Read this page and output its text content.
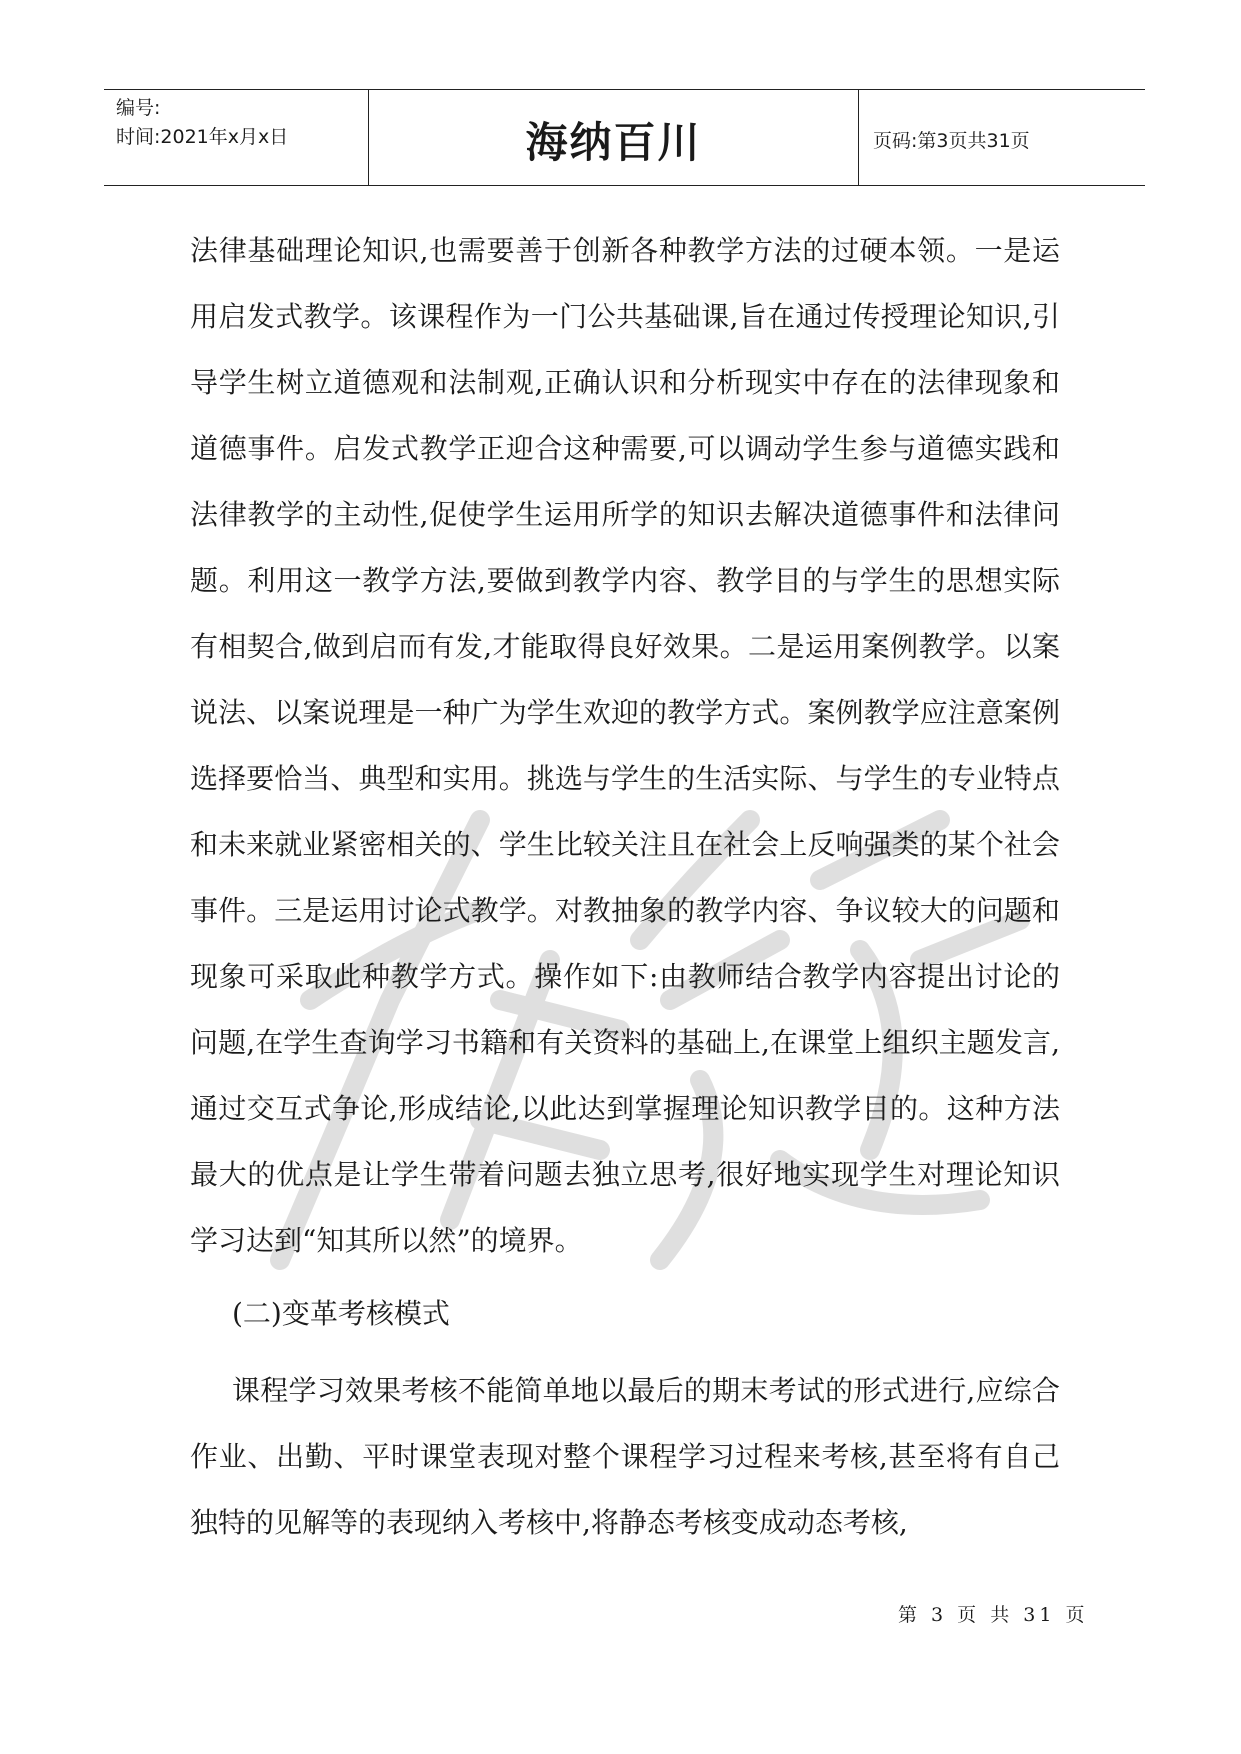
编号:
时间:2021年x月x日	海纳百川	页码:第3页共31页

法律基础理论知识,也需要善于创新各种教学方法的过硬本领。一是运用启发式教学。该课程作为一门公共基础课,旨在通过传授理论知识,引导学生树立道德观和法制观,正确认识和分析现实中存在的法律现象和道德事件。启发式教学正迎合这种需要,可以调动学生参与道德实践和法律教学的主动性,促使学生运用所学的知识去解决道德事件和法律问题。利用这一教学方法,要做到教学内容、教学目的与学生的思想实际有相契合,做到启而有发,才能取得良好效果。二是运用案例教学。以案说法、以案说理是一种广为学生欢迎的教学方式。案例教学应注意案例选择要恰当、典型和实用。挑选与学生的生活实际、与学生的专业特点和未来就业紧密相关的、学生比较关注且在社会上反响强类的某个社会事件。三是运用讨论式教学。对教抽象的教学内容、争议较大的问题和现象可采取此种教学方式。操作如下:由教师结合教学内容提出讨论的问题,在学生查询学习书籍和有关资料的基础上,在课堂上组织主题发言,通过交互式争论,形成结论,以此达到掌握理论知识教学目的。这种方法最大的优点是让学生带着问题去独立思考,很好地实现学生对理论知识学习达到“知其所以然”的境界。

(二)变革考核模式

课程学习效果考核不能简单地以最后的期末考试的形式进行,应综合作业、出勤、平时课堂表现对整个课程学习过程来考核,甚至将有自己独特的见解等的表现纳入考核中,将静态考核变成动态考核,

第 3 页 共 31 页
